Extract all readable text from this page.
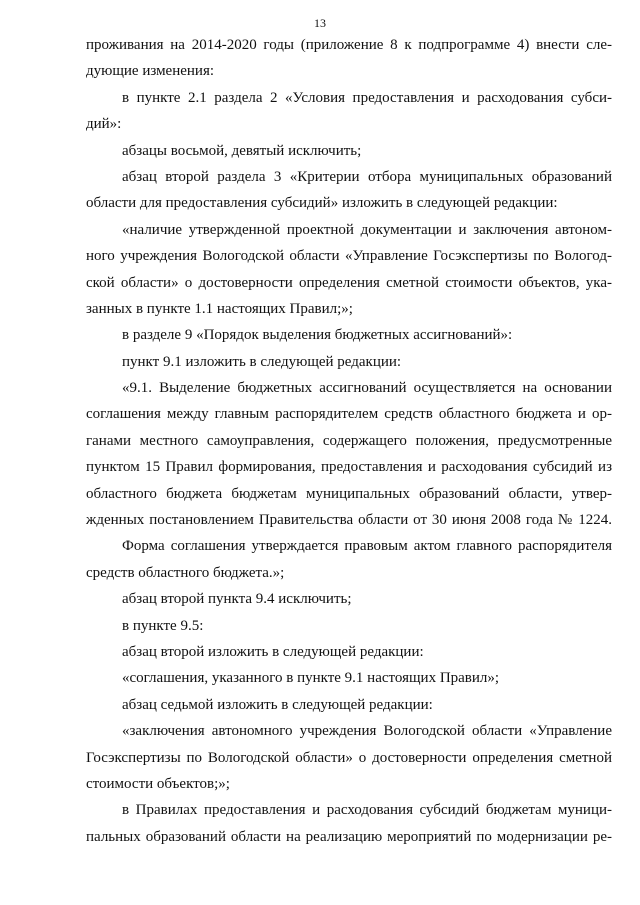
13
проживания на 2014-2020 годы (приложение 8 к подпрограмме 4) внести сле-
дующие изменения:
в пункте 2.1 раздела 2 «Условия предоставления и расходования субси-
дий»:
абзацы восьмой, девятый исключить;
абзац второй раздела 3 «Критерии отбора муниципальных образований
области для предоставления субсидий» изложить в следующей редакции:
«наличие утвержденной проектной документации и заключения автоном-
ного учреждения Вологодской области «Управление Госэкспертизы по Вологод-
ской области» о достоверности определения сметной стоимости объектов, ука-
занных в пункте 1.1 настоящих Правил;»;
в разделе 9 «Порядок выделения бюджетных ассигнований»:
пункт 9.1 изложить в следующей редакции:
«9.1. Выделение бюджетных ассигнований осуществляется на основании
соглашения между главным распорядителем средств областного бюджета и ор-
ганами местного самоуправления, содержащего положения, предусмотренные
пунктом 15 Правил формирования, предоставления и расходования субсидий из
областного бюджета бюджетам муниципальных образований области, утвер-
жденных постановлением Правительства области от 30 июня 2008 года № 1224.
Форма соглашения утверждается правовым актом главного распорядителя
средств областного бюджета.»;
абзац второй пункта 9.4 исключить;
в пункте 9.5:
абзац второй изложить в следующей редакции:
«соглашения, указанного в пункте 9.1 настоящих Правил»;
абзац седьмой изложить в следующей редакции:
«заключения автономного учреждения Вологодской области «Управление
Госэкспертизы по Вологодской области» о достоверности определения сметной
стоимости объектов;»;
в Правилах предоставления и расходования субсидий бюджетам муници-
пальных образований области на реализацию мероприятий по модернизации ре-
